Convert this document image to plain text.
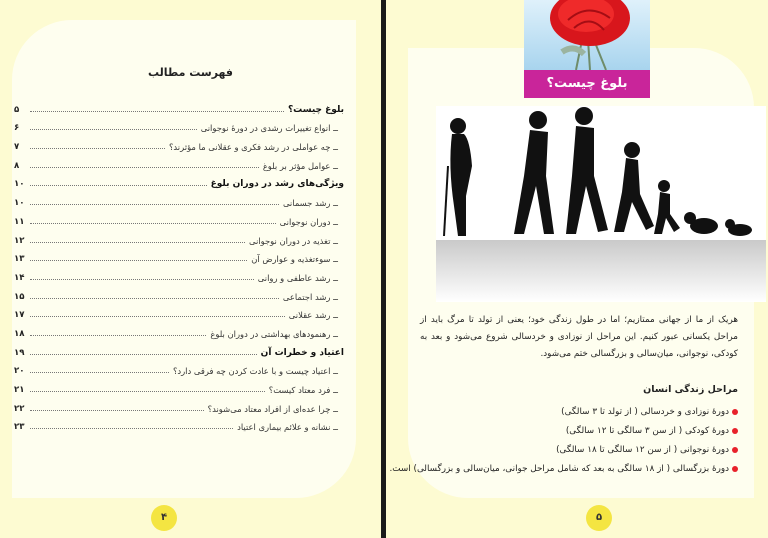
فهرست مطالب
بلوغ چیست؟
۵
ــ انواع تغییرات رشدی در دورهٔ نوجوانی
۶
ــ چه عواملی در رشد فکری و عقلانی ما مؤثرند؟
۷
ــ عوامل مؤثر بر بلوغ
۸
ویژگی‌های رشد در دوران بلوغ
۱۰
ــ رشد جسمانی
۱۰
ــ دوران نوجوانی
۱۱
ــ تغذیه در دوران نوجوانی
۱۲
ــ سوءتغذیه و عوارض آن
۱۳
ــ رشد عاطفی و روانی
۱۴
ــ رشد اجتماعی
۱۵
ــ رشد عقلانی
۱۷
ــ رهنمودهای بهداشتی در دوران بلوغ
۱۸
اعتیاد و خطرات آن
۱۹
ــ اعتیاد چیست و با عادت کردن چه فرقی دارد؟
۲۰
ــ فرد معتاد کیست؟
۲۱
ــ چرا عده‌ای از افراد معتاد می‌شوند؟
۲۲
ــ نشانه و علائم بیماری اعتیاد
۲۳
۴
بلوغ چیست؟

هریک از ما از جهانی ممتازیم؛ اما در طول زندگی خود؛ یعنی از تولد تا مرگ باید از مراحل یکسانی عبور کنیم. این مراحل از نوزادی و خردسالی شروع می‌شود و بعد به کودکی، نوجوانی، میان‌سالی و بزرگسالی ختم می‌شود.

مراحل زندگی انسان
دورهٔ نوزادی و خردسالی ( از تولد تا ۳ سالگی)
دورهٔ کودکی ( از سن ۳ سالگی تا ۱۲ سالگی)
دورهٔ نوجوانی ( از سن ۱۲ سالگی تا ۱۸ سالگی)
دورهٔ بزرگسالی ( از ۱۸ سالگی به بعد که شامل مراحل جوانی، میان‌سالی و بزرگسالی) است.
۵
